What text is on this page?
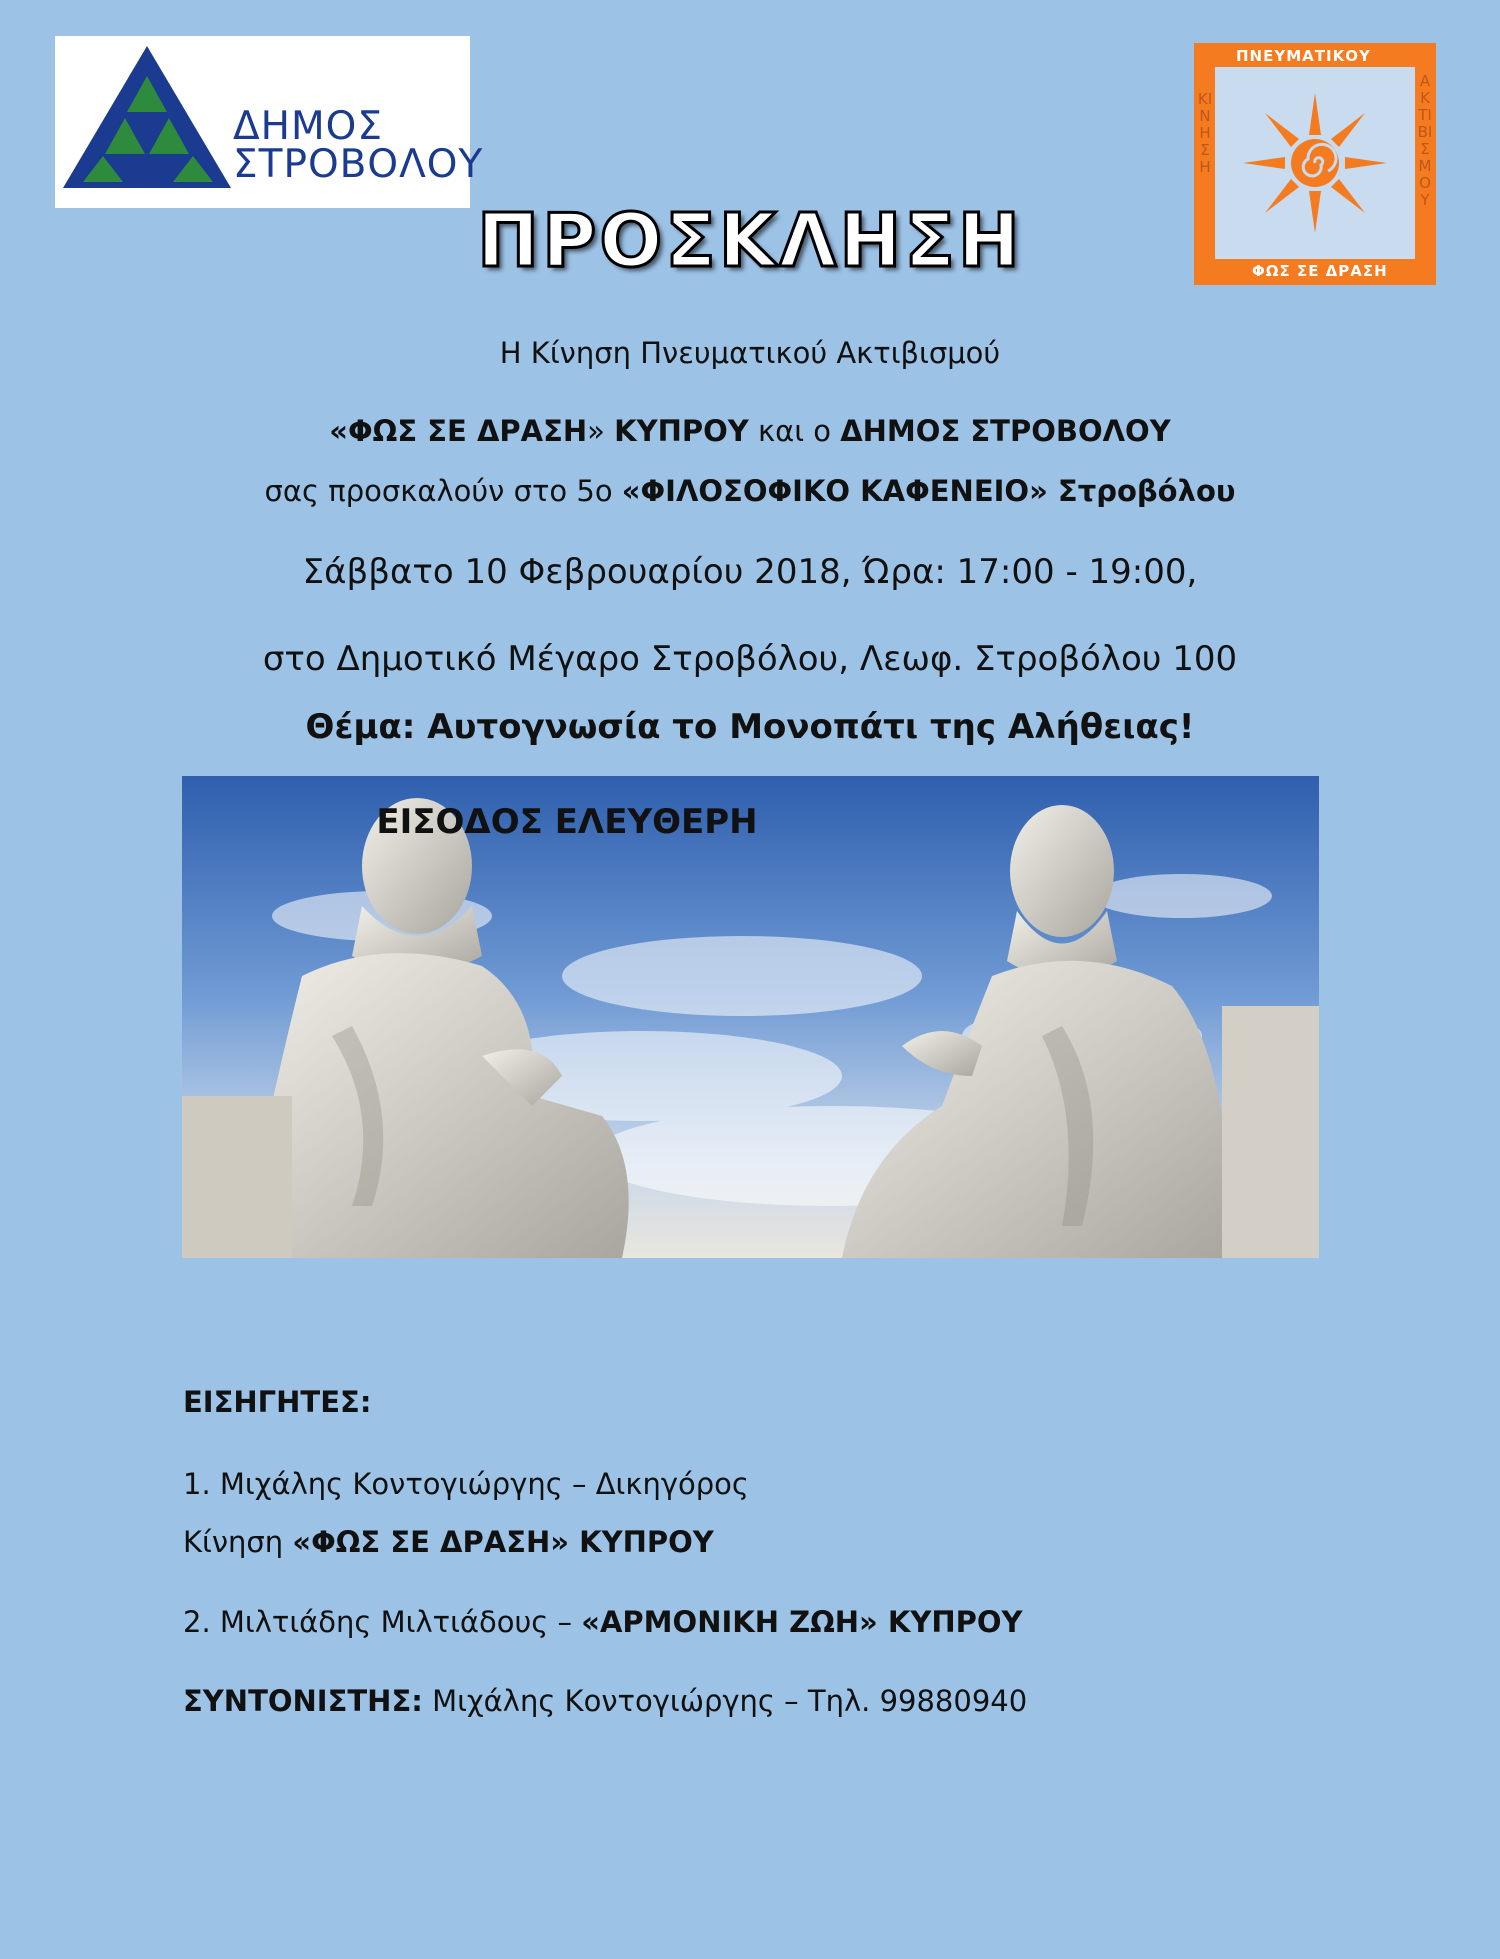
ΔΗΜΟΣ
ΣΤΡΟΒΟΛΟΥ
ΠΝΕΥΜΑΤΙΚΟΥ
ΦΩΣ ΣΕ ΔΡΑΣΗ
ΚΙΝΗΣΗ
ΑΚΤΙΒΙΣΜΟΥ
ΠΡΟΣΚΛΗΣΗ
Η Κίνηση Πνευματικού Ακτιβισμού
«ΦΩΣ ΣΕ ΔΡΑΣΗ» ΚΥΠΡΟΥ και ο ΔΗΜΟΣ ΣΤΡΟΒΟΛΟΥ
σας προσκαλούν στο 5ο «ΦΙΛΟΣΟΦΙΚΟ ΚΑΦΕΝΕΙΟ» Στροβόλου
Σάββατο 10 Φεβρουαρίου 2018, Ώρα: 17:00 - 19:00,
στο Δημοτικό Μέγαρο Στροβόλου, Λεωφ. Στροβόλου 100
Θέμα: Αυτογνωσία το Μονοπάτι της Αλήθειας!
ΕΙΣΟΔΟΣ ΕΛΕΥΘΕΡΗ
ΕΙΣΗΓΗΤΕΣ:
1. Μιχάλης Κοντογιώργης – Δικηγόρος
Κίνηση «ΦΩΣ ΣΕ ΔΡΑΣΗ» ΚΥΠΡΟΥ
2. Μιλτιάδης Μιλτιάδους – «ΑΡΜΟΝΙΚΗ ΖΩΗ» ΚΥΠΡΟΥ
ΣΥΝΤΟΝΙΣΤΗΣ: Μιχάλης Κοντογιώργης – Τηλ. 99880940
